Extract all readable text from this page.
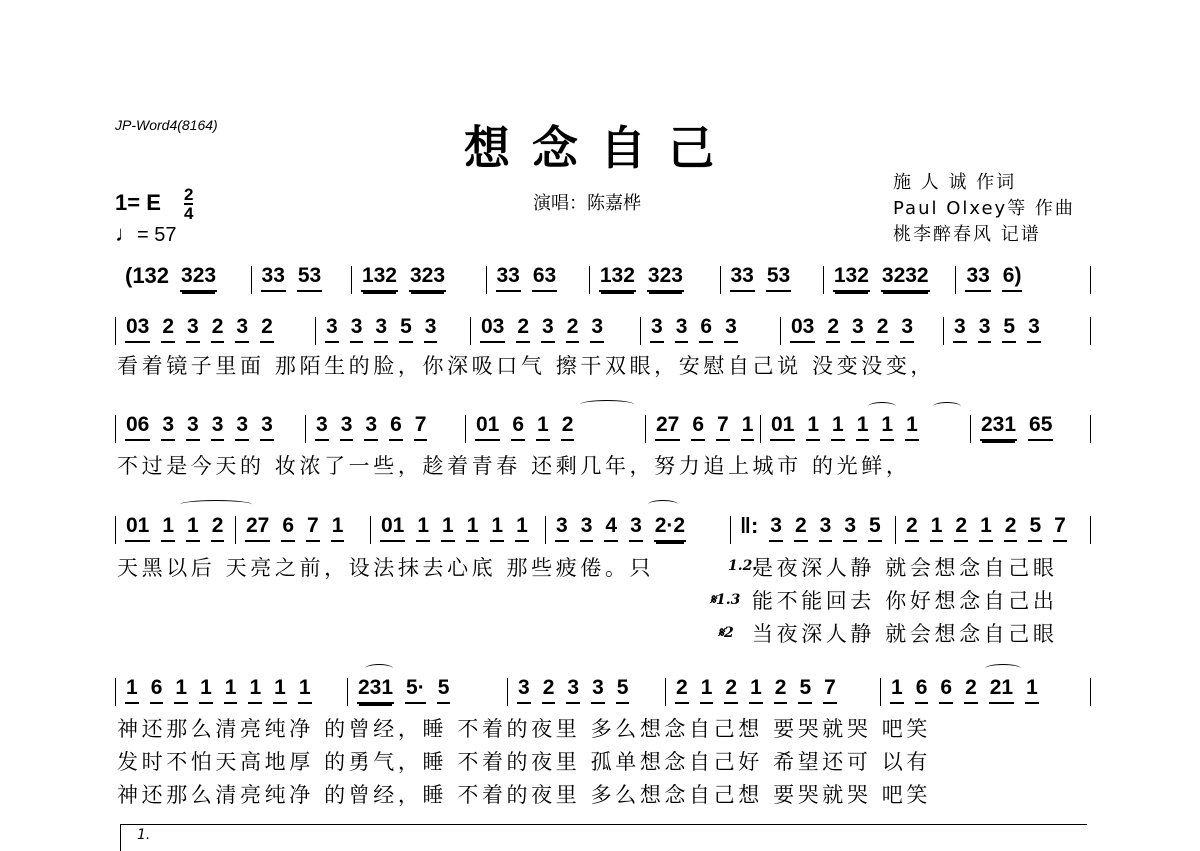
JP-Word4(8164)	想念自己
演唱：陈嘉桦
施 人 诚 作词
Paul Olxey等 作曲
桃李醉春风 记谱
1= E $\frac{2}{4}$
♩= 57
(132 323 33 53 132 323 33 63 132 323 33 53 132 3232 33 6)
03 2 3 2 3 2	3 3 3 5 3 03 2 3 2 3 3 3 6 3	03 2 3 2 3 3 3 5 3
看着镜子里面 那陌生的脸，你深吸口气 擦干双眼，安慰自己说 没变没变，
06 3 3 3 3 3 3 3 3 6 7 01 6 1 2	27 6 7 1 01 1 1 1 1 1	231 65
不过是今天的 妆浓了一些，趁着青春 还剩几年，努力追上城市 的光鲜，
01 1 1 2 27 6 7 1 01 1 1 1 1 1 3 3 4 3 2·2 ‖: 3 2 3 3 5 2 1 2 1 2 5 7
天黑以后 天亮之前，设法抹去心底 那些疲倦。只	1.2.
是夜深人静 就会想念自己眼
𝄋1.3 能不能回去 你好想念自己出
𝄋2 当夜深人静 就会想念自己眼
1 6 1 1 1 1 1 1 231 5· 5	3 2 3 3 5 2 1 2 1 2 5 7	1 6 6 2 21 1
神还那么清亮纯净 的曾经，睡 不着的夜里 多么想念自己想 要哭就哭 吧笑
发时不怕天高地厚 的勇气，睡 不着的夜里 孤单想念自己好 希望还可 以有
神还那么清亮纯净 的曾经，睡 不着的夜里 多么想念自己想 要哭就哭 吧笑
1.
